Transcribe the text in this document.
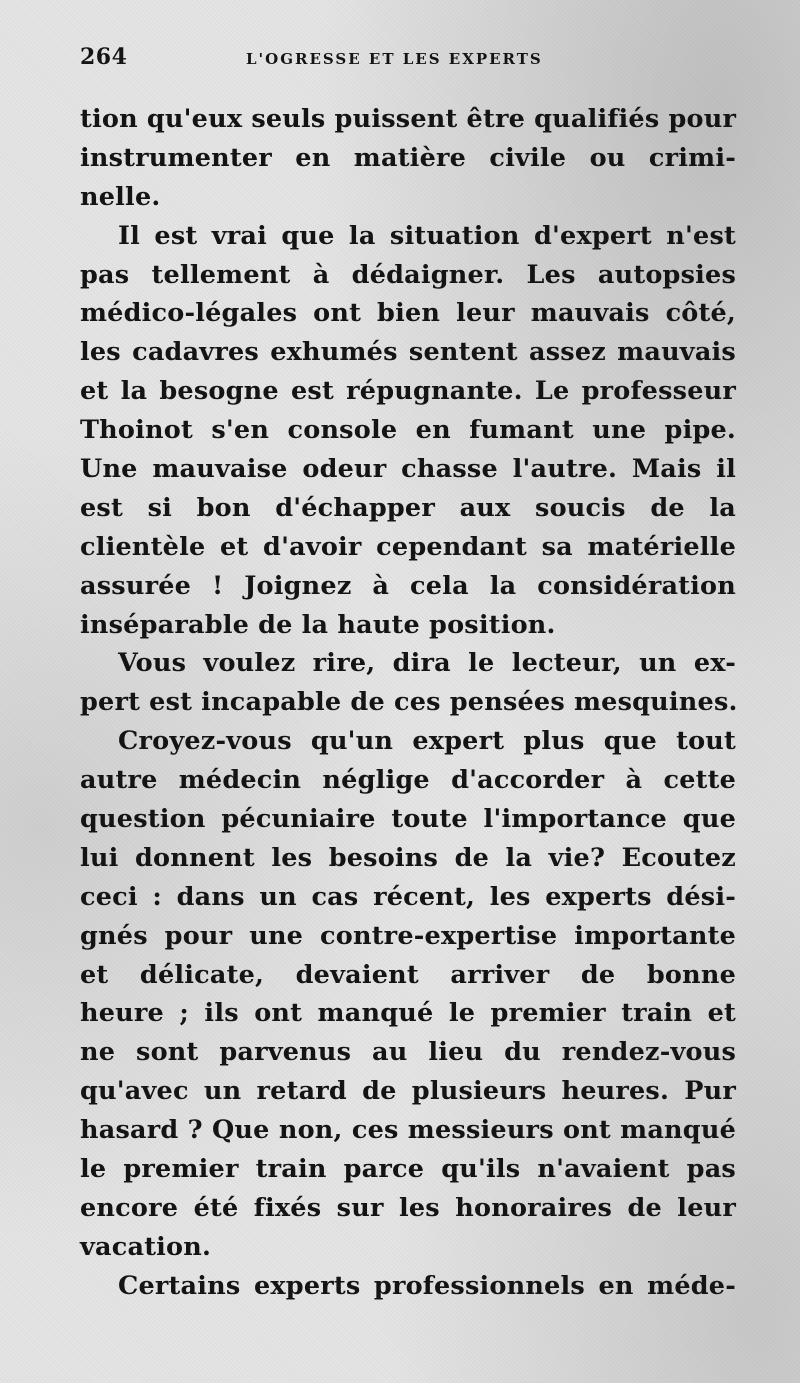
264	L'OGRESSE ET LES EXPERTS
tion qu'eux seuls puissent être qualifiés pour
instrumenter en matière civile ou crimi-
nelle.
Il est vrai que la situation d'expert n'est
pas tellement à dédaigner. Les autopsies
médico-légales ont bien leur mauvais côté,
les cadavres exhumés sentent assez mauvais
et la besogne est répugnante. Le professeur
Thoinot s'en console en fumant une pipe.
Une mauvaise odeur chasse l'autre. Mais il
est si bon d'échapper aux soucis de la
clientèle et d'avoir cependant sa matérielle
assurée ! Joignez à cela la considération
inséparable de la haute position.
Vous voulez rire, dira le lecteur, un ex-
pert est incapable de ces pensées mesquines.
Croyez-vous qu'un expert plus que tout
autre médecin néglige d'accorder à cette
question pécuniaire toute l'importance que
lui donnent les besoins de la vie? Ecoutez
ceci : dans un cas récent, les experts dési-
gnés pour une contre-expertise importante
et délicate, devaient arriver de bonne
heure ; ils ont manqué le premier train et
ne sont parvenus au lieu du rendez-vous
qu'avec un retard de plusieurs heures. Pur
hasard ? Que non, ces messieurs ont manqué
le premier train parce qu'ils n'avaient pas
encore été fixés sur les honoraires de leur
vacation.
Certains experts professionnels en méde-
